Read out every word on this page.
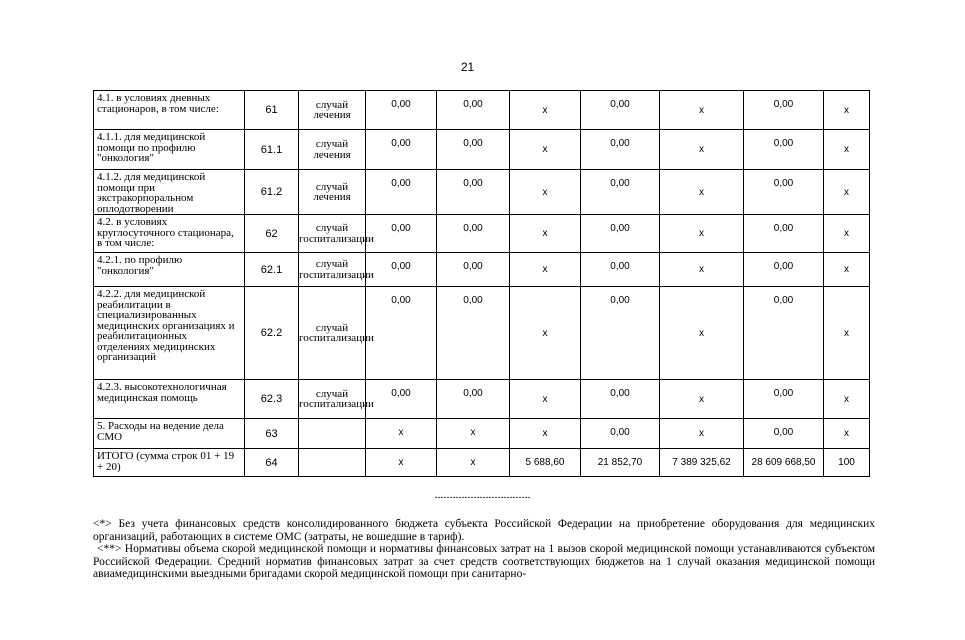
21
4.1. в условиях дневных стационаров, в том числе:	61	случай лечения	0,00	0,00	х	0,00	х	0,00	х
4.1.1. для медицинской помощи по профилю "онкология"	61.1	случай лечения	0,00	0,00	х	0,00	х	0,00	х
4.1.2. для медицинской помощи при экстракорпоральном оплодотворении	61.2	случай лечения	0,00	0,00	х	0,00	х	0,00	х
4.2. в условиях круглосуточного стационара, в том числе:	62	случай госпитализации	0,00	0,00	х	0,00	х	0,00	х
4.2.1. по профилю "онкология"	62.1	случай госпитализации	0,00	0,00	х	0,00	х	0,00	х
4.2.2. для медицинской реабилитации в специализированных медицинских организациях и реабилитационных отделениях медицинских организаций	62.2	случай госпитализации	0,00	0,00	х	0,00	х	0,00	х
4.2.3. высокотехнологичная медицинская помощь	62.3	случай госпитализации	0,00	0,00	х	0,00	х	0,00	х
5. Расходы на ведение дела СМО	63		х	х	х	0,00	х	0,00	х
ИТОГО (сумма строк 01 + 19 + 20)	64		х	х	5 688,60	21 852,70	7 389 325,62	28 609 668,50	100
--------------------------------

<*> Без учета финансовых средств консолидированного бюджета субъекта Российской Федерации на приобретение оборудования для медицинских организаций, работающих в системе ОМС (затраты, не вошедшие в тариф).

<**> Нормативы объема скорой медицинской помощи и нормативы финансовых затрат на 1 вызов скорой медицинской помощи устанавливаются субъектом Российской Федерации. Средний норматив финансовых затрат за счет средств соответствующих бюджетов на 1 случай оказания медицинской помощи авиамедицинскими выездными бригадами скорой медицинской помощи при санитарно-
